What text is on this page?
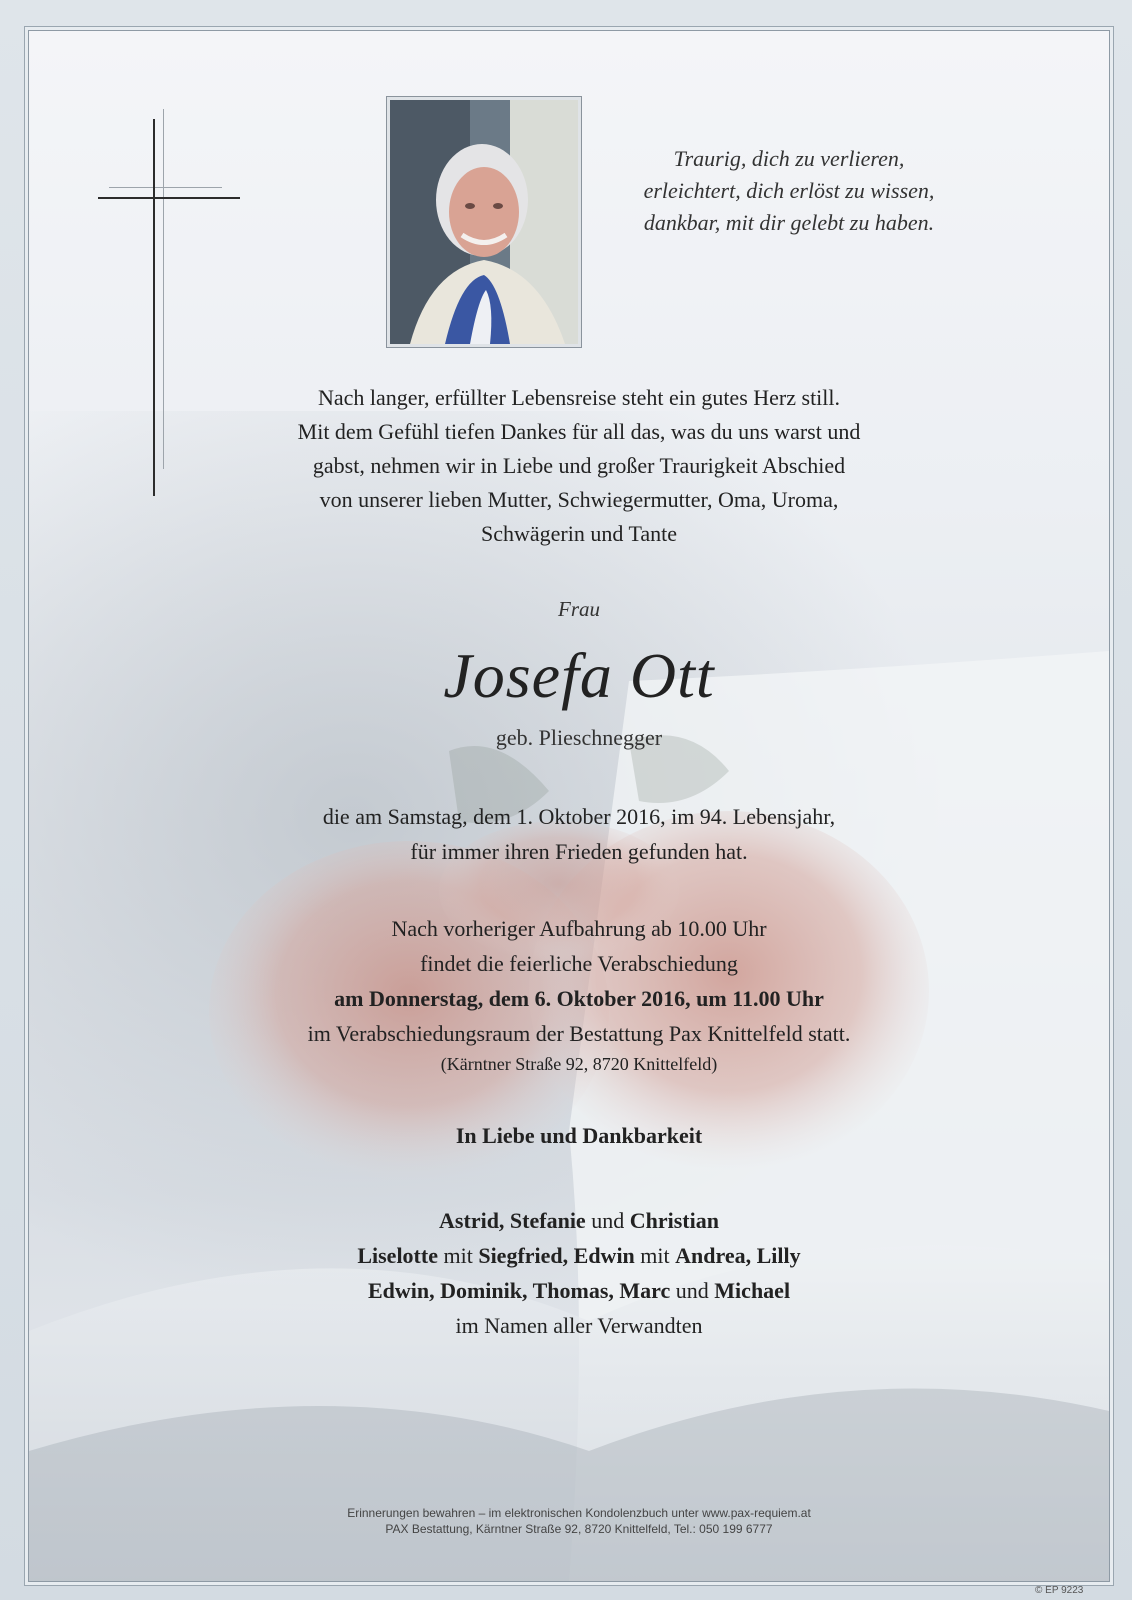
Traurig, dich zu verlieren,
erleichtert, dich erlöst zu wissen,
dankbar, mit dir gelebt zu haben.
Nach langer, erfüllter Lebensreise steht ein gutes Herz still.
Mit dem Gefühl tiefen Dankes für all das, was du uns warst und
gabst, nehmen wir in Liebe und großer Traurigkeit Abschied
von unserer lieben Mutter, Schwiegermutter, Oma, Uroma,
Schwägerin und Tante
Frau
Josefa Ott
geb. Plieschnegger
die am Samstag, dem 1. Oktober 2016, im 94. Lebensjahr,
für immer ihren Frieden gefunden hat.
Nach vorheriger Aufbahrung ab 10.00 Uhr
findet die feierliche Verabschiedung
am Donnerstag, dem 6. Oktober 2016, um 11.00 Uhr
im Verabschiedungsraum der Bestattung Pax Knittelfeld statt.
(Kärntner Straße 92, 8720 Knittelfeld)
In Liebe und Dankbarkeit
Astrid, Stefanie und Christian
Liselotte mit Siegfried, Edwin mit Andrea, Lilly
Edwin, Dominik, Thomas, Marc und Michael
im Namen aller Verwandten
Erinnerungen bewahren – im elektronischen Kondolenzbuch unter www.pax-requiem.at
PAX Bestattung, Kärntner Straße 92, 8720 Knittelfeld, Tel.: 050 199 6777
© EP 9223
